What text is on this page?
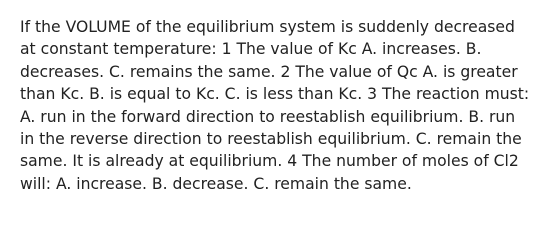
If the VOLUME of the equilibrium system is suddenly decreased
at constant temperature: 1 The value of Kc A. increases. B.
decreases. C. remains the same. 2 The value of Qc A. is greater
than Kc. B. is equal to Kc. C. is less than Kc. 3 The reaction must:
A. run in the forward direction to reestablish equilibrium. B. run
in the reverse direction to reestablish equilibrium. C. remain the
same. It is already at equilibrium. 4 The number of moles of Cl2
will: A. increase. B. decrease. C. remain the same.
